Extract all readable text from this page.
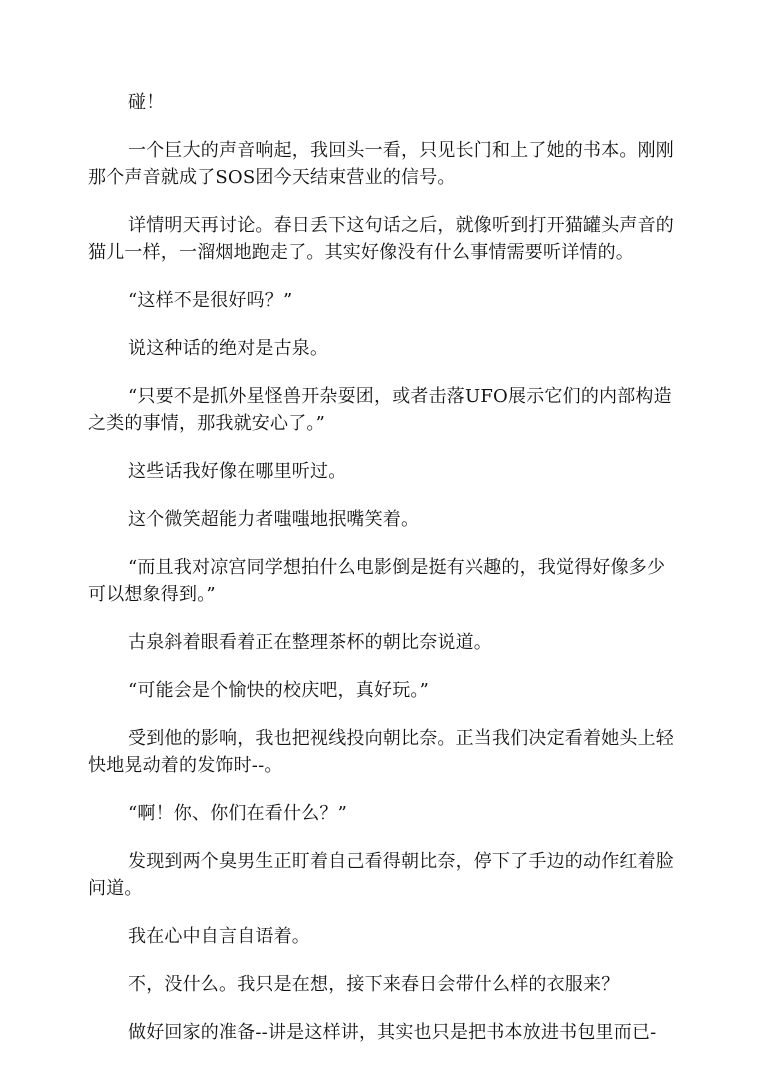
碰！

一个巨大的声音响起，我回头一看，只见长门和上了她的书本。刚刚那个声音就成了SOS团今天结束营业的信号。

详情明天再讨论。春日丢下这句话之后，就像听到打开猫罐头声音的猫儿一样，一溜烟地跑走了。其实好像没有什么事情需要听详情的。

“这样不是很好吗？”

说这种话的绝对是古泉。

“只要不是抓外星怪兽开杂耍团，或者击落UFO展示它们的内部构造之类的事情，那我就安心了。”

这些话我好像在哪里听过。

这个微笑超能力者嗤嗤地抿嘴笑着。

“而且我对凉宫同学想拍什么电影倒是挺有兴趣的，我觉得好像多少可以想象得到。”

古泉斜着眼看着正在整理茶杯的朝比奈说道。

“可能会是个愉快的校庆吧，真好玩。”

受到他的影响，我也把视线投向朝比奈。正当我们决定看着她头上轻快地晃动着的发饰时--。

“啊！你、你们在看什么？”

发现到两个臭男生正盯着自己看得朝比奈，停下了手边的动作红着脸问道。

我在心中自言自语着。

不，没什么。我只是在想，接下来春日会带什么样的衣服来？

做好回家的准备--讲是这样讲，其实也只是把书本放进书包里而已-
